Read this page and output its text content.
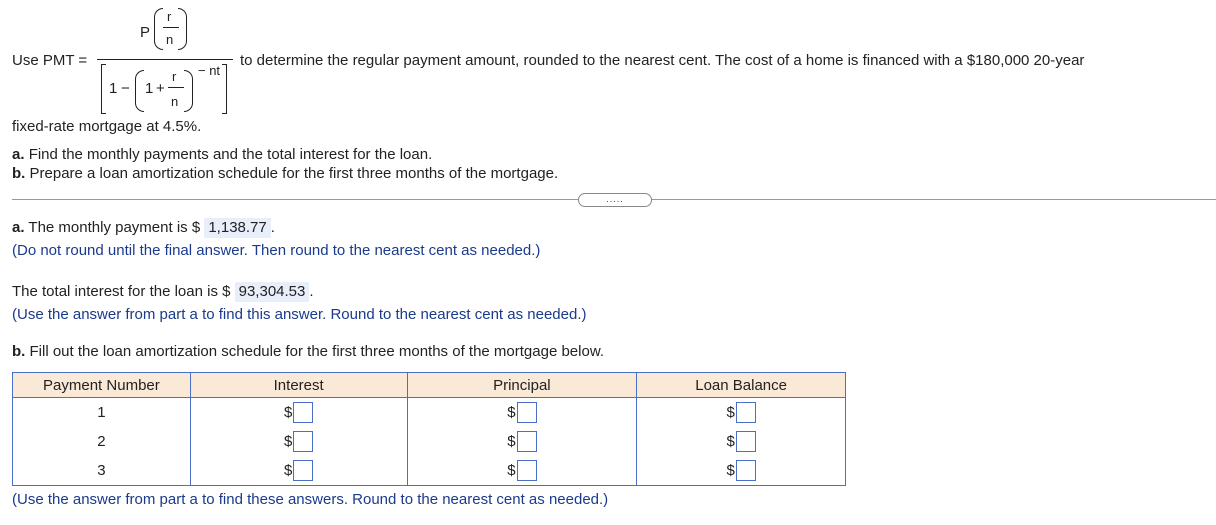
Use PMT =
P
r
n
1 − 1 +
r
n
− nt
to determine the regular payment amount, rounded to the nearest cent. The cost of a home is financed with a $180,000 20-year
fixed-rate mortgage at 4.5%.
a. Find the monthly payments and the total interest for the loan.
b. Prepare a loan amortization schedule for the first three months of the mortgage.
.....
a. The monthly payment is $ 1,138.77 .
(Do not round until the final answer. Then round to the nearest cent as needed.)
The total interest for the loan is $ 93,304.53 .
(Use the answer from part a to find this answer. Round to the nearest cent as needed.)
b. Fill out the loan amortization schedule for the first three months of the mortgage below.
Payment Number	Interest	Principal	Loan Balance
1	$	$	$

2	$	$	$

3	$	$	$
(Use the answer from part a to find these answers. Round to the nearest cent as needed.)
